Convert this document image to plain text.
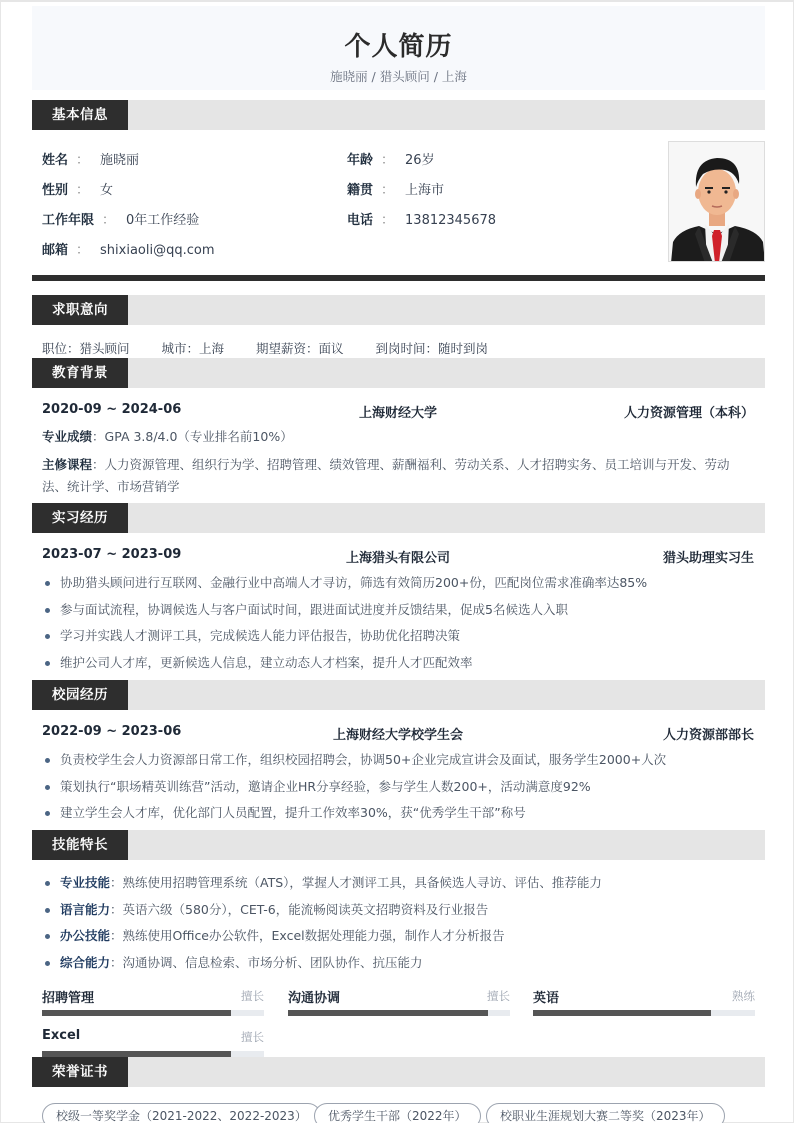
个人简历
施晓丽 / 猎头顾问 / 上海
基本信息
姓名 ： 施晓丽
性别 ： 女
工作年限 ： 0年工作经验
邮箱 ： shixiaoli@qq.com
年龄 ： 26岁
籍贯 ： 上海市
电话 ： 13812345678
求职意向
职位：猎头顾问	城市：上海	期望薪资：面议	到岗时间：随时到岗
教育背景
2020-09 ~ 2024-06	上海财经大学	人力资源管理（本科）
专业成绩：GPA 3.8/4.0（专业排名前10%）
主修课程：人力资源管理、组织行为学、招聘管理、绩效管理、薪酬福利、劳动关系、人才招聘实务、员工培训与开发、劳动法、统计学、市场营销学
实习经历
2023-07 ~ 2023-09	上海猎头有限公司	猎头助理实习生
协助猎头顾问进行互联网、金融行业中高端人才寻访，筛选有效简历200+份，匹配岗位需求准确率达85%
参与面试流程，协调候选人与客户面试时间，跟进面试进度并反馈结果，促成5名候选人入职
学习并实践人才测评工具，完成候选人能力评估报告，协助优化招聘决策
维护公司人才库，更新候选人信息，建立动态人才档案，提升人才匹配效率
校园经历
2022-09 ~ 2023-06	上海财经大学校学生会	人力资源部部长
负责校学生会人力资源部日常工作，组织校园招聘会，协调50+企业完成宣讲会及面试，服务学生2000+人次
策划执行“职场精英训练营”活动，邀请企业HR分享经验，参与学生人数200+，活动满意度92%
建立学生会人才库，优化部门人员配置，提升工作效率30%，获“优秀学生干部”称号
技能特长
专业技能：熟练使用招聘管理系统（ATS），掌握人才测评工具，具备候选人寻访、评估、推荐能力
语言能力：英语六级（580分），CET-6，能流畅阅读英文招聘资料及行业报告
办公技能：熟练使用Office办公软件，Excel数据处理能力强，制作人才分析报告
综合能力：沟通协调、信息检索、市场分析、团队协作、抗压能力
招聘管理	擅长 沟通协调	擅长 英语	熟练
Excel	擅长
荣誉证书
校级一等奖学金（2021-2022、2022-2023）	优秀学生干部（2022年）	校职业生涯规划大赛二等奖（2023年）
